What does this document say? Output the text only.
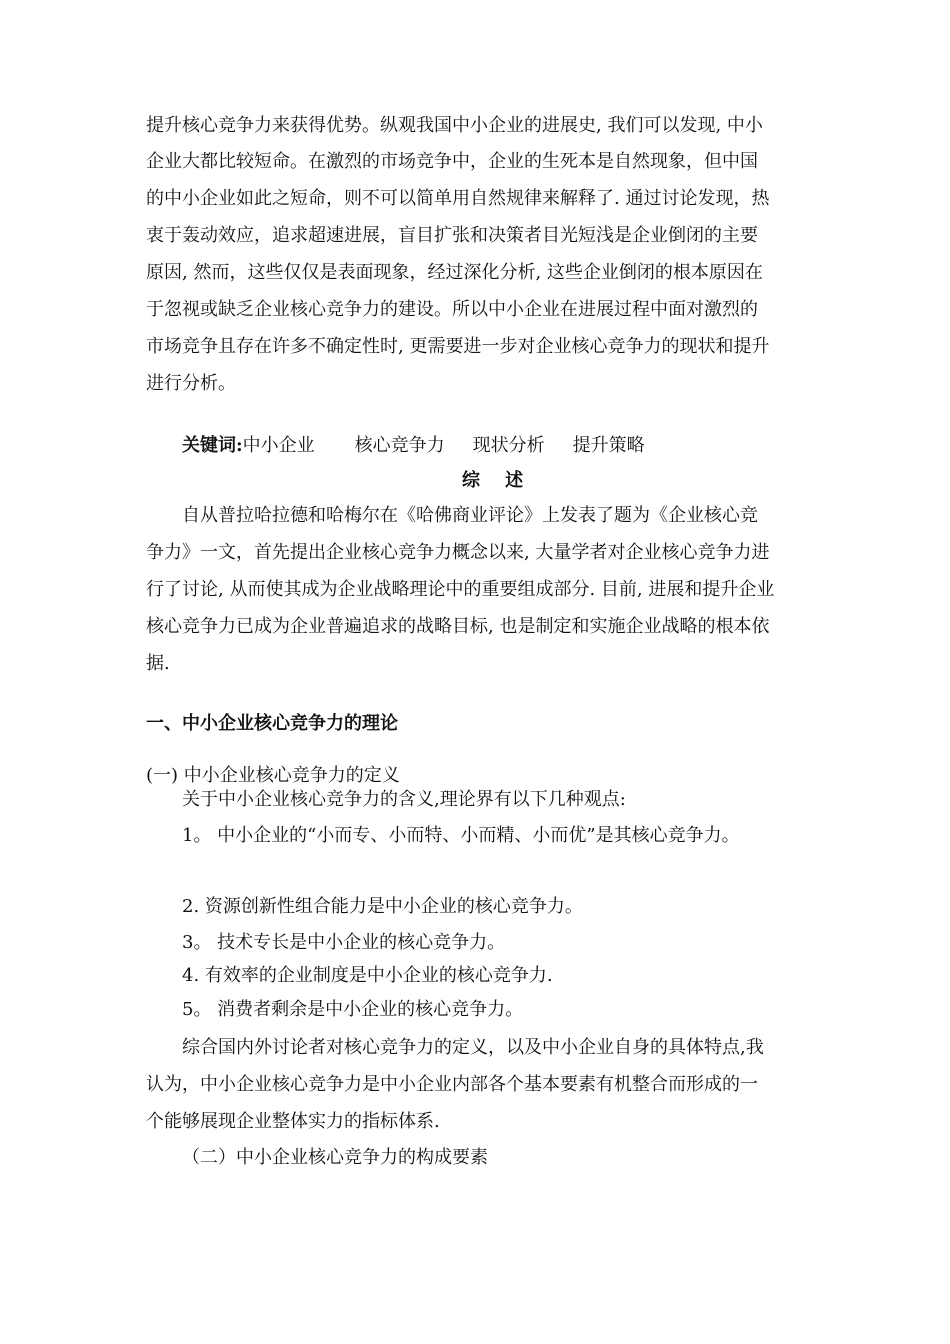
提升核心竞争力来获得优势。纵观我国中小企业的进展史, 我们可以发现, 中小
企业大都比较短命。在激烈的市场竞争中，企业的生死本是自然现象，但中国
的中小企业如此之短命，则不可以简单用自然规律来解释了. 通过讨论发现，热
衷于轰动效应，追求超速进展，盲目扩张和决策者目光短浅是企业倒闭的主要
原因, 然而，这些仅仅是表面现象，经过深化分析, 这些企业倒闭的根本原因在
于忽视或缺乏企业核心竞争力的建设。所以中小企业在进展过程中面对激烈的
市场竞争且存在许多不确定性时, 更需要进一步对企业核心竞争力的现状和提升
进行分析。
关键词:中小企业 核心竞争力 现状分析 提升策略
综    述
自从普拉哈拉德和哈梅尔在《哈佛商业评论》上发表了题为《企业核心竞
争力》一文，首先提出企业核心竞争力概念以来, 大量学者对企业核心竞争力进
行了讨论, 从而使其成为企业战略理论中的重要组成部分. 目前, 进展和提升企业
核心竞争力已成为企业普遍追求的战略目标, 也是制定和实施企业战略的根本依
据.
一、中小企业核心竞争力的理论
(一) 中小企业核心竞争力的定义
关于中小企业核心竞争力的含义,理论界有以下几种观点:
1。 中小企业的“小而专、小而特、小而精、小而优”是其核心竞争力。
2. 资源创新性组合能力是中小企业的核心竞争力。
3。 技术专长是中小企业的核心竞争力。
4. 有效率的企业制度是中小企业的核心竞争力.
5。 消费者剩余是中小企业的核心竞争力。
综合国内外讨论者对核心竞争力的定义，以及中小企业自身的具体特点,我
认为，中小企业核心竞争力是中小企业内部各个基本要素有机整合而形成的一
个能够展现企业整体实力的指标体系.
（二）中小企业核心竞争力的构成要素
